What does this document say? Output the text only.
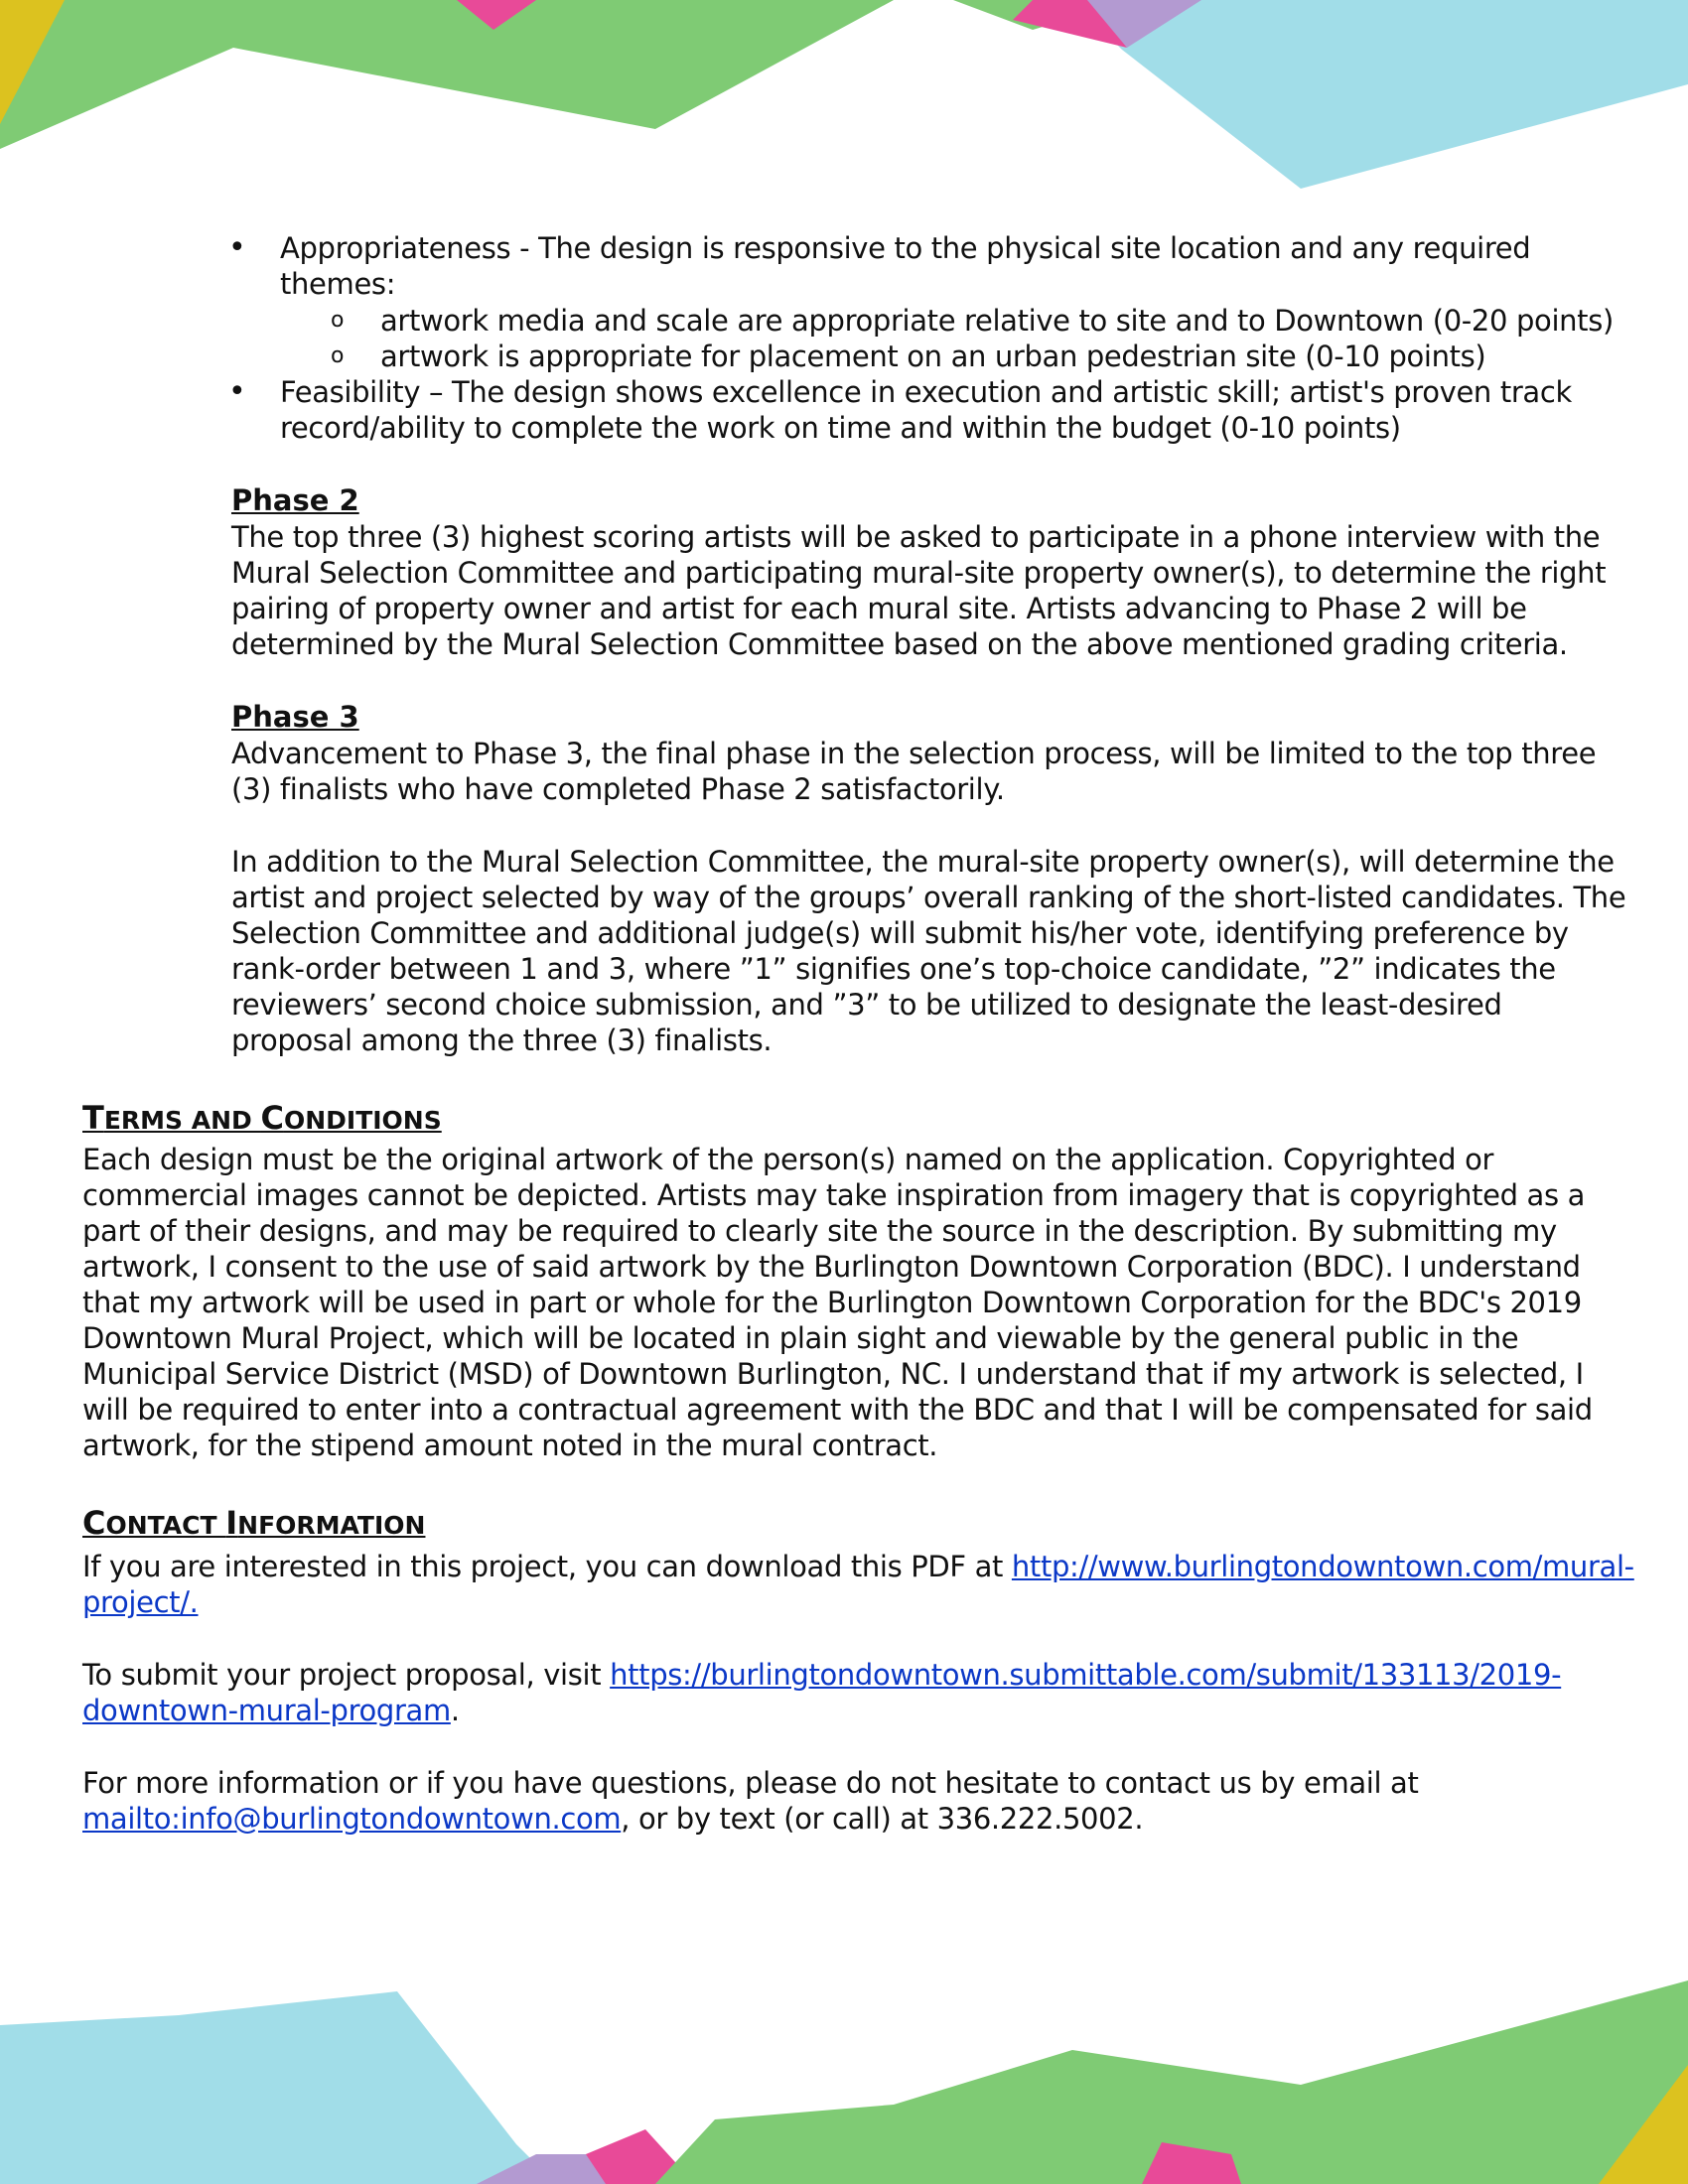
• Appropriateness - The design is responsive to the physical site location and any required
themes:
o artwork media and scale are appropriate relative to site and to Downtown (0-20 points)
o artwork is appropriate for placement on an urban pedestrian site (0-10 points)
• Feasibility – The design shows excellence in execution and artistic skill; artist's proven track
record/ability to complete the work on time and within the budget (0-10 points)
Phase 2
The top three (3) highest scoring artists will be asked to participate in a phone interview with the
Mural Selection Committee and participating mural-site property owner(s), to determine the right
pairing of property owner and artist for each mural site. Artists advancing to Phase 2 will be
determined by the Mural Selection Committee based on the above mentioned grading criteria.
Phase 3
Advancement to Phase 3, the final phase in the selection process, will be limited to the top three
(3) finalists who have completed Phase 2 satisfactorily.
In addition to the Mural Selection Committee, the mural-site property owner(s), will determine the
artist and project selected by way of the groups’ overall ranking of the short-listed candidates. The
Selection Committee and additional judge(s) will submit his/her vote, identifying preference by
rank-order between 1 and 3, where ”1” signifies one’s top-choice candidate, ”2” indicates the
reviewers’ second choice submission, and ”3” to be utilized to designate the least-desired
proposal among the three (3) finalists.
TERMS AND CONDITIONS
Each design must be the original artwork of the person(s) named on the application. Copyrighted or
commercial images cannot be depicted. Artists may take inspiration from imagery that is copyrighted as a
part of their designs, and may be required to clearly site the source in the description. By submitting my
artwork, I consent to the use of said artwork by the Burlington Downtown Corporation (BDC). I understand
that my artwork will be used in part or whole for the Burlington Downtown Corporation for the BDC's 2019
Downtown Mural Project, which will be located in plain sight and viewable by the general public in the
Municipal Service District (MSD) of Downtown Burlington, NC. I understand that if my artwork is selected, I
will be required to enter into a contractual agreement with the BDC and that I will be compensated for said
artwork, for the stipend amount noted in the mural contract.
CONTACT INFORMATION
If you are interested in this project, you can download this PDF at http://www.burlingtondowntown.com/mural-
project/.
To submit your project proposal, visit https://burlingtondowntown.submittable.com/submit/133113/2019-
downtown-mural-program.
For more information or if you have questions, please do not hesitate to contact us by email at
mailto:info@burlingtondowntown.com, or by text (or call) at 336.222.5002.
